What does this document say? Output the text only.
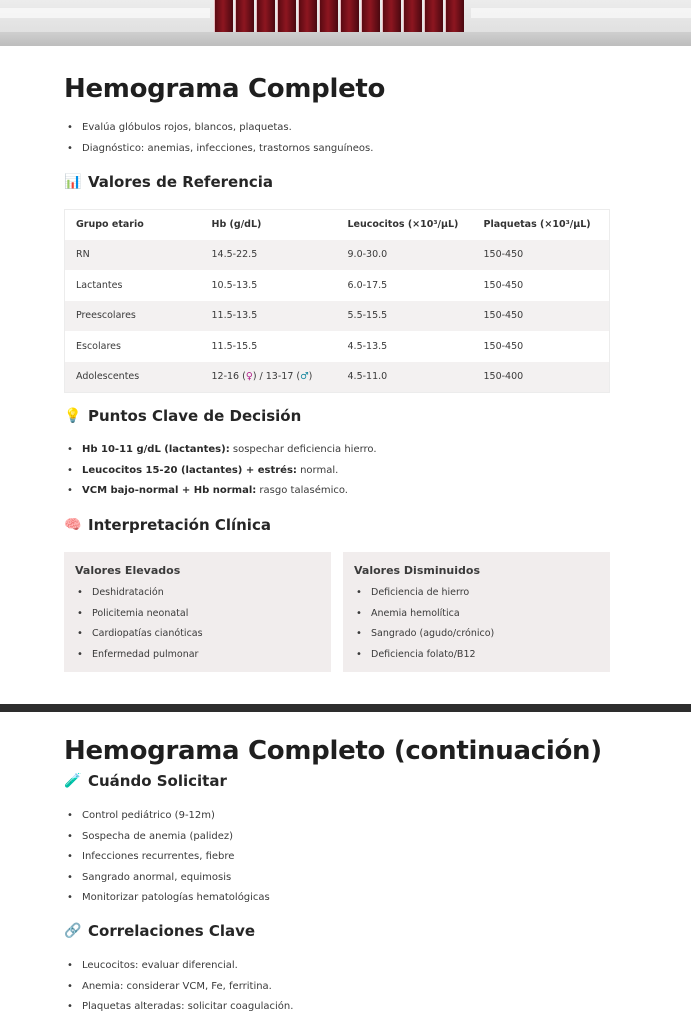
Hemograma Completo
• Evalúa glóbulos rojos, blancos, plaquetas.
• Diagnóstico: anemias, infecciones, trastornos sanguíneos.
📊 Valores de Referencia
Grupo etario	Hb (g/dL)	Leucocitos (×10³/µL)	Plaquetas (×10³/µL)
RN	14.5-22.5	9.0-30.0	150-450
Lactantes	10.5-13.5	6.0-17.5	150-450
Preescolares	11.5-13.5	5.5-15.5	150-450
Escolares	11.5-15.5	4.5-13.5	150-450
Adolescentes	12-16 (♀) / 13-17 (♂)	4.5-11.0	150-400
💡 Puntos Clave de Decisión
• Hb 10-11 g/dL (lactantes): sospechar deficiencia hierro.
• Leucocitos 15-20 (lactantes) + estrés: normal.
• VCM bajo-normal + Hb normal: rasgo talasémico.
🧠 Interpretación Clínica
Valores Elevados
• Deshidratación
• Policitemia neonatal
• Cardiopatías cianóticas
• Enfermedad pulmonar
Valores Disminuidos
• Deficiencia de hierro
• Anemia hemolítica
• Sangrado (agudo/crónico)
• Deficiencia folato/B12
Hemograma Completo (continuación)
🧪 Cuándo Solicitar
• Control pediátrico (9-12m)
• Sospecha de anemia (palidez)
• Infecciones recurrentes, fiebre
• Sangrado anormal, equimosis
• Monitorizar patologías hematológicas
🔗 Correlaciones Clave
• Leucocitos: evaluar diferencial.
• Anemia: considerar VCM, Fe, ferritina.
• Plaquetas alteradas: solicitar coagulación.
